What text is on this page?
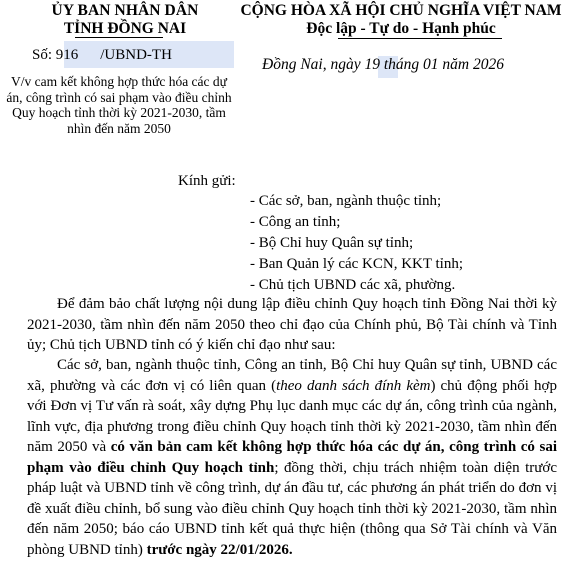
ỦY BAN NHÂN DÂN
TỈNH ĐỒNG NAI
CỘNG HÒA XÃ HỘI CHỦ NGHĨA VIỆT NAM
Độc lập - Tự do - Hạnh phúc
Số: 916 /UBND-TH
Đồng Nai, ngày 19 tháng 01 năm 2026
V/v cam kết không hợp thức hóa các dự án, công trình có sai phạm vào điều chỉnh Quy hoạch tỉnh thời kỳ 2021-2030, tầm nhìn đến năm 2050
Kính gửi:
- Các sở, ban, ngành thuộc tỉnh;
- Công an tỉnh;
- Bộ Chỉ huy Quân sự tỉnh;
- Ban Quản lý các KCN, KKT tỉnh;
- Chủ tịch UBND các xã, phường.

Để đảm bảo chất lượng nội dung lập điều chỉnh Quy hoạch tỉnh Đồng Nai thời kỳ 2021-2030, tầm nhìn đến năm 2050 theo chỉ đạo của Chính phủ, Bộ Tài chính và Tỉnh ủy; Chủ tịch UBND tỉnh có ý kiến chỉ đạo như sau:

Các sở, ban, ngành thuộc tỉnh, Công an tỉnh, Bộ Chỉ huy Quân sự tỉnh, UBND các xã, phường và các đơn vị có liên quan (theo danh sách đính kèm) chủ động phối hợp với Đơn vị Tư vấn rà soát, xây dựng Phụ lục danh mục các dự án, công trình của ngành, lĩnh vực, địa phương trong điều chỉnh Quy hoạch tỉnh thời kỳ 2021-2030, tầm nhìn đến năm 2050 và có văn bản cam kết không hợp thức hóa các dự án, công trình có sai phạm vào điều chỉnh Quy hoạch tỉnh; đồng thời, chịu trách nhiệm toàn diện trước pháp luật và UBND tỉnh về công trình, dự án đầu tư, các phương án phát triển do đơn vị đề xuất điều chỉnh, bổ sung vào điều chỉnh Quy hoạch tỉnh thời kỳ 2021-2030, tầm nhìn đến năm 2050; báo cáo UBND tỉnh kết quả thực hiện (thông qua Sở Tài chính và Văn phòng UBND tỉnh) trước ngày 22/01/2026.
